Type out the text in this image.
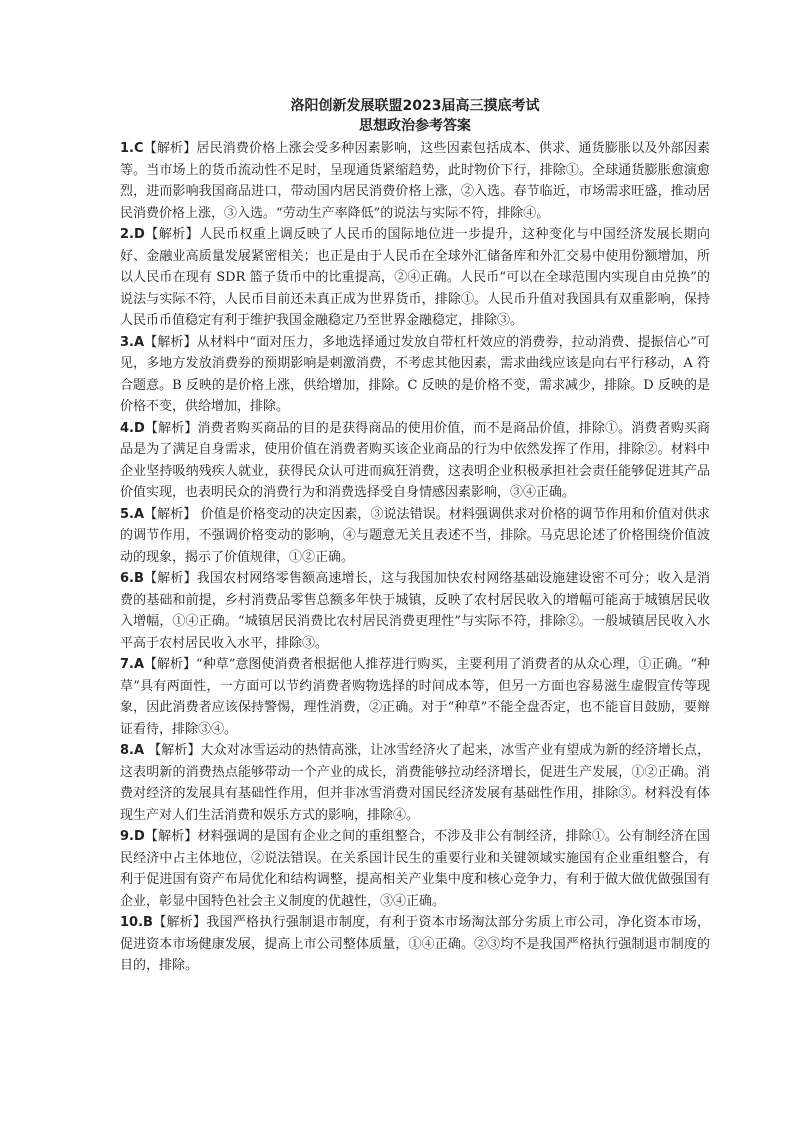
洛阳创新发展联盟2023届高三摸底考试

思想政治参考答案

1.C【解析】居民消费价格上涨会受多种因素影响，这些因素包括成本、供求、通货膨胀以及外部因素等。当市场上的货币流动性不足时，呈现通货紧缩趋势，此时物价下行，排除①。全球通货膨胀愈演愈烈，进而影响我国商品进口，带动国内居民消费价格上涨，②入选。春节临近，市场需求旺盛，推动居民消费价格上涨，③入选。“劳动生产率降低”的说法与实际不符，排除④。

2.D【解析】人民币权重上调反映了人民币的国际地位进一步提升，这种变化与中国经济发展长期向好、金融业高质量发展紧密相关；也正是由于人民币在全球外汇储备库和外汇交易中使用份额增加，所以人民币在现有 SDR 篮子货币中的比重提高，②④正确。人民币“可以在全球范围内实现自由兑换”的说法与实际不符，人民币目前还未真正成为世界货币，排除①。人民币升值对我国具有双重影响，保持人民币币值稳定有利于维护我国金融稳定乃至世界金融稳定，排除③。

3.A【解析】从材料中“面对压力，多地选择通过发放自带杠杆效应的消费券，拉动消费、提振信心”可见，多地方发放消费券的预期影响是刺激消费，不考虑其他因素，需求曲线应该是向右平行移动，A 符合题意。B 反映的是价格上涨，供给增加，排除。C 反映的是价格不变，需求减少，排除。D 反映的是价格不变，供给增加，排除。

4.D【解析】消费者购买商品的目的是获得商品的使用价值，而不是商品价值，排除①。消费者购买商品是为了满足自身需求，使用价值在消费者购买该企业商品的行为中依然发挥了作用，排除②。材料中企业坚持吸纳残疾人就业，获得民众认可进而疯狂消费，这表明企业积极承担社会责任能够促进其产品价值实现，也表明民众的消费行为和消费选择受自身情感因素影响，③④正确。

5.A【解析】 价值是价格变动的决定因素，③说法错误。材料强调供求对价格的调节作用和价值对供求的调节作用，不强调价格变动的影响，④与题意无关且表述不当，排除。马克思论述了价格围绕价值波动的现象，揭示了价值规律，①②正确。

6.B【解析】我国农村网络零售额高速增长，这与我国加快农村网络基础设施建设密不可分；收入是消费的基础和前提，乡村消费品零售总额多年快于城镇，反映了农村居民收入的增幅可能高于城镇居民收入增幅，①④正确。“城镇居民消费比农村居民消费更理性”与实际不符，排除②。一般城镇居民收入水平高于农村居民收入水平，排除③。

7.A【解析】“种草”意图使消费者根据他人推荐进行购买，主要利用了消费者的从众心理，①正确。“种草”具有两面性，一方面可以节约消费者购物选择的时间成本等，但另一方面也容易滋生虚假宣传等现象，因此消费者应该保持警惕，理性消费，②正确。对于“种草”不能全盘否定，也不能盲目鼓励，要辩证看待，排除③④。

8.A 【解析】大众对冰雪运动的热情高涨，让冰雪经济火了起来，冰雪产业有望成为新的经济增长点，这表明新的消费热点能够带动一个产业的成长，消费能够拉动经济增长，促进生产发展，①②正确。消费对经济的发展具有基础性作用，但并非冰雪消费对国民经济发展有基础性作用，排除③。材料没有体现生产对人们生活消费和娱乐方式的影响，排除④。

9.D【解析】材料强调的是国有企业之间的重组整合，不涉及非公有制经济，排除①。公有制经济在国民经济中占主体地位，②说法错误。在关系国计民生的重要行业和关键领域实施国有企业重组整合，有利于促进国有资产布局优化和结构调整，提高相关产业集中度和核心竞争力，有利于做大做优做强国有企业，彰显中国特色社会主义制度的优越性，③④正确。

10.B【解析】我国严格执行强制退市制度，有利于资本市场淘汰部分劣质上市公司，净化资本市场，促进资本市场健康发展，提高上市公司整体质量，①④正确。②③均不是我国严格执行强制退市制度的目的，排除。
